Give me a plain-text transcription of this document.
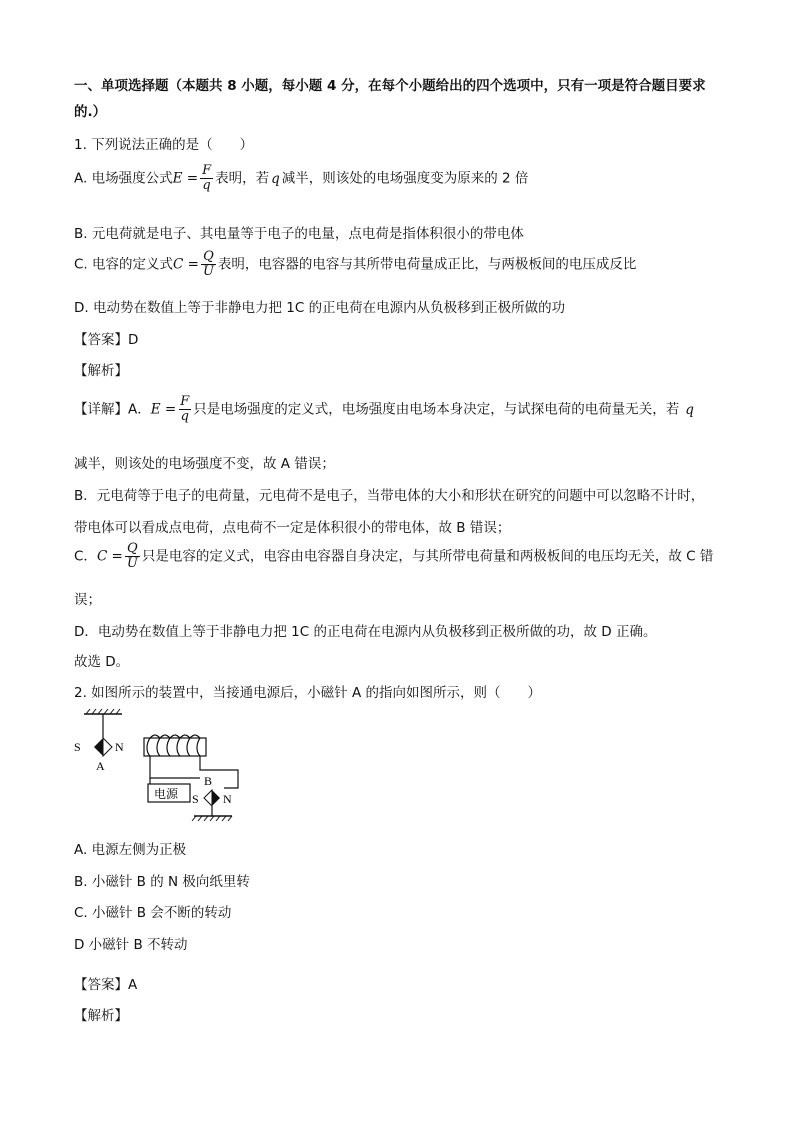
一、单项选择题（本题共 8 小题，每小题 4 分，在每个小题给出的四个选项中，只有一项是符合题目要求
的.）
1. 下列说法正确的是（　　）
A. 电场强度公式$E = \frac{F}{q}$ 表明，若 q 减半，则该处的电场强度变为原来的 2 倍
B. 元电荷就是电子、其电量等于电子的电量，点电荷是指体积很小的带电体
C. 电容的定义式$C = \frac{Q}{U}$ 表明，电容器的电容与其所带电荷量成正比，与两极板间的电压成反比
D. 电动势在数值上等于非静电力把 1C 的正电荷在电源内从负极移到正极所做的功
【答案】D
【解析】
【详解】A．$E = \frac{F}{q}$ 只是电场强度的定义式，电场强度由电场本身决定，与试探电荷的电荷量无关，若 q
减半，则该处的电场强度不变，故 A 错误；
B．元电荷等于电子的电荷量，元电荷不是电子，当带电体的大小和形状在研究的问题中可以忽略不计时，
带电体可以看成点电荷，点电荷不一定是体积很小的带电体，故 B 错误；
C．$C = \frac{Q}{U}$ 只是电容的定义式，电容由电容器自身决定，与其所带电荷量和两极板间的电压均无关，故 C 错
误；
D．电动势在数值上等于非静电力把 1C 的正电荷在电源内从负极移到正极所做的功，故 D 正确。
故选 D。
2. 如图所示的装置中，当接通电源后，小磁针 A 的指向如图所示，则（　　）
S	N
A
B
电源 S N
A. 电源左侧为正极
B. 小磁针 B 的 N 极向纸里转
C. 小磁针 B 会不断的转动
D 小磁针 B 不转动
【答案】A
【解析】
